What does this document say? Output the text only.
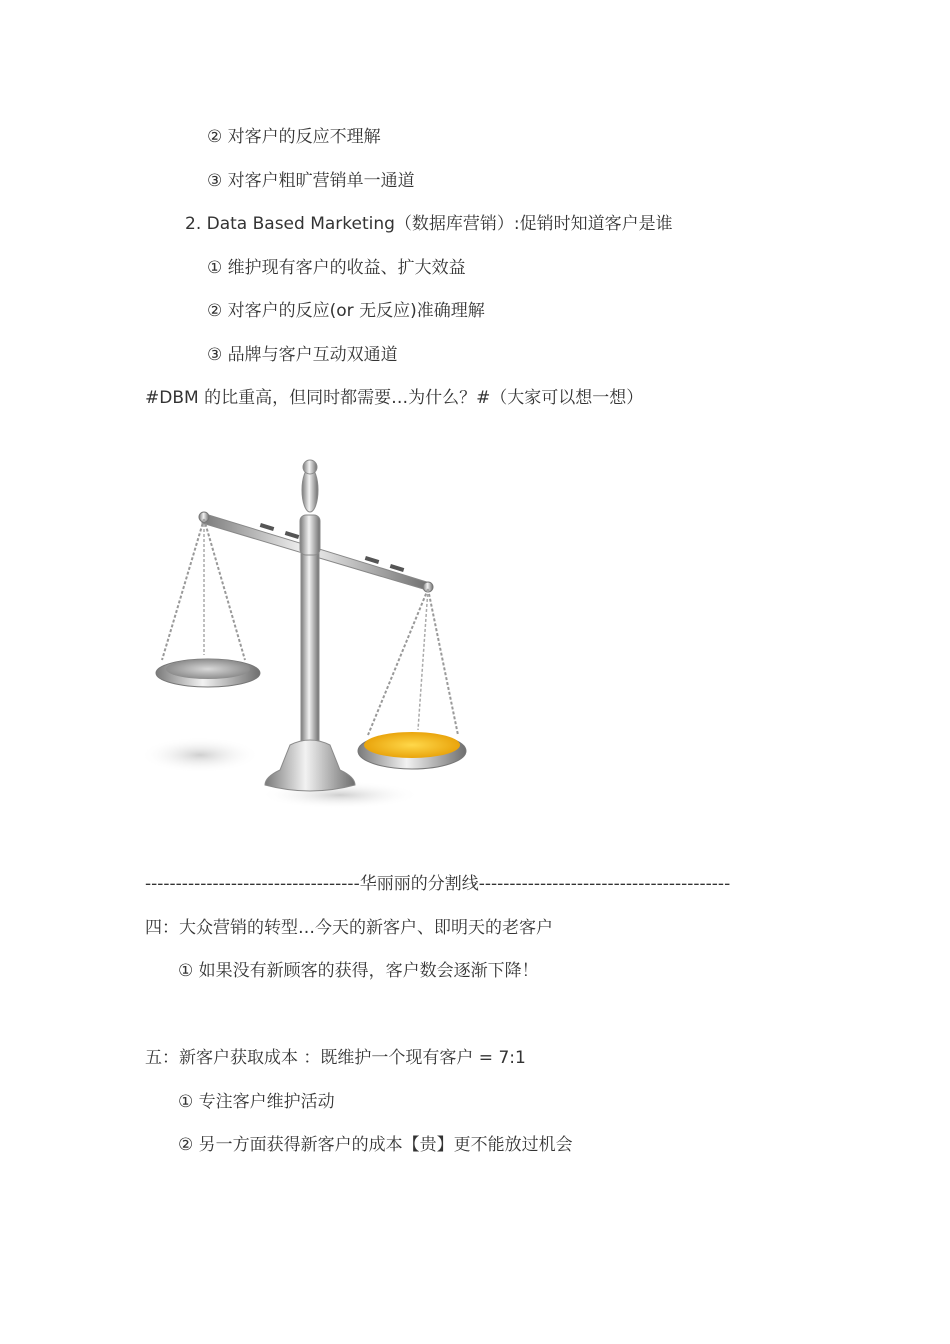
② 对客户的反应不理解
③ 对客户粗旷营销单一通道
2. Data Based Marketing（数据库营销）:促销时知道客户是谁
① 维护现有客户的收益、扩大效益
② 对客户的反应(or 无反应)准确理解
③ 品牌与客户互动双通道
#DBM 的比重高，但同时都需要…为什么？#（大家可以想一想）
-----------------------------------华丽丽的分割线-----------------------------------------
四：大众营销的转型…今天的新客户、即明天的老客户
① 如果没有新顾客的获得，客户数会逐渐下降！
五：新客户获取成本 ：既维护一个现有客户 = 7:1
① 专注客户维护活动
② 另一方面获得新客户的成本【贵】更不能放过机会
